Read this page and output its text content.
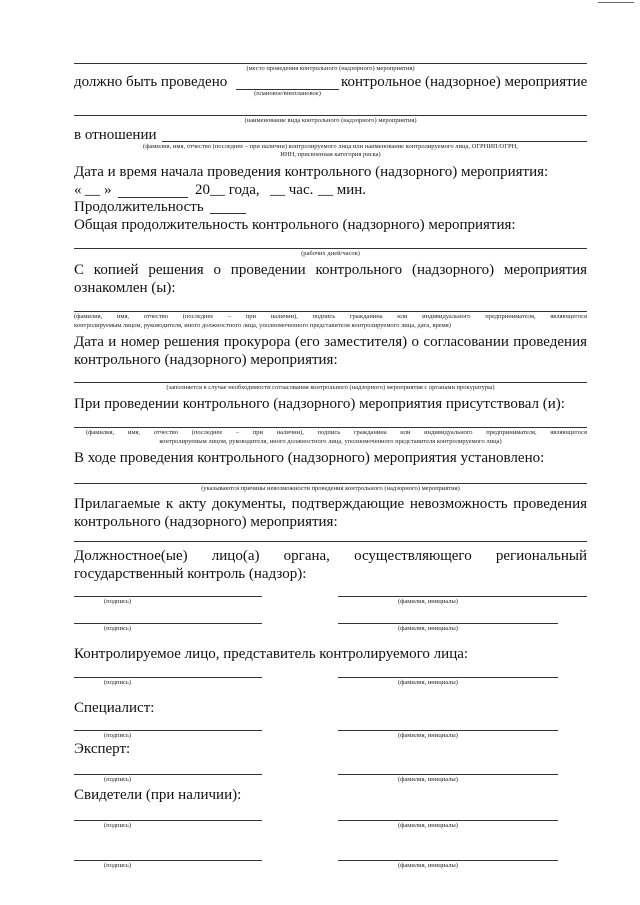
(место проведения контрольного (надзорного) мероприятия)
должно быть проведено	контрольное (надзорное) мероприятие
(плановое/внеплановое)
(наименование вида контрольного (надзорного) мероприятия)
в отношении
(фамилия, имя, отчество (последнее – при наличии) контролируемого лица или наименование контролируемого лица, ОГРНИП/ОГРН,
ИНН, присвоенная категория риска)
Дата и время начала проведения контрольного (надзорного) мероприятия:
« __ »	20__ года, __ час. __ мин.
Продолжительность
Общая продолжительность контрольного (надзорного) мероприятия:
(рабочих дней/часов)
С копией решения о проведении контрольного (надзорного) мероприятия
ознакомлен (ы):
(фамилия, имя, отчество (последнее – при наличии), подпись гражданина или индивидуального предпринимателя, являющегося
контролируемым лицом, руководителя, иного должностного лица, уполномоченного представителя контролируемого лица, дата, время)
Дата и номер решения прокурора (его заместителя) о согласовании проведения
контрольного (надзорного) мероприятия:
(заполняется в случае необходимости согласования контрольного (надзорного) мероприятия с органами прокуратуры)
При проведении контрольного (надзорного) мероприятия присутствовал (и):
(фамилия, имя, отчество (последнее – при наличии), подпись гражданина или индивидуального предпринимателя, являющегося
контролируемым лицом, руководителя, иного должностного лица, уполномоченного представителя контролируемого лица)
В ходе проведения контрольного (надзорного) мероприятия установлено:
(указываются причины невозможности проведения контрольного (надзорного) мероприятия)
Прилагаемые к акту документы, подтверждающие невозможность проведения
контрольного (надзорного) мероприятия:
Должностное(ые) лицо(а) органа, осуществляющего региональный
государственный контроль (надзор):
(подпись)	(фамилия, инициалы)
(подпись)	(фамилия, инициалы)
Контролируемое лицо, представитель контролируемого лица:
(подпись)	(фамилия, инициалы)
Специалист:
(подпись)	(фамилия, инициалы)
Эксперт:
(подпись)	(фамилия, инициалы)
Свидетели (при наличии):
(подпись)	(фамилия, инициалы)
(подпись)	(фамилия, инициалы)
